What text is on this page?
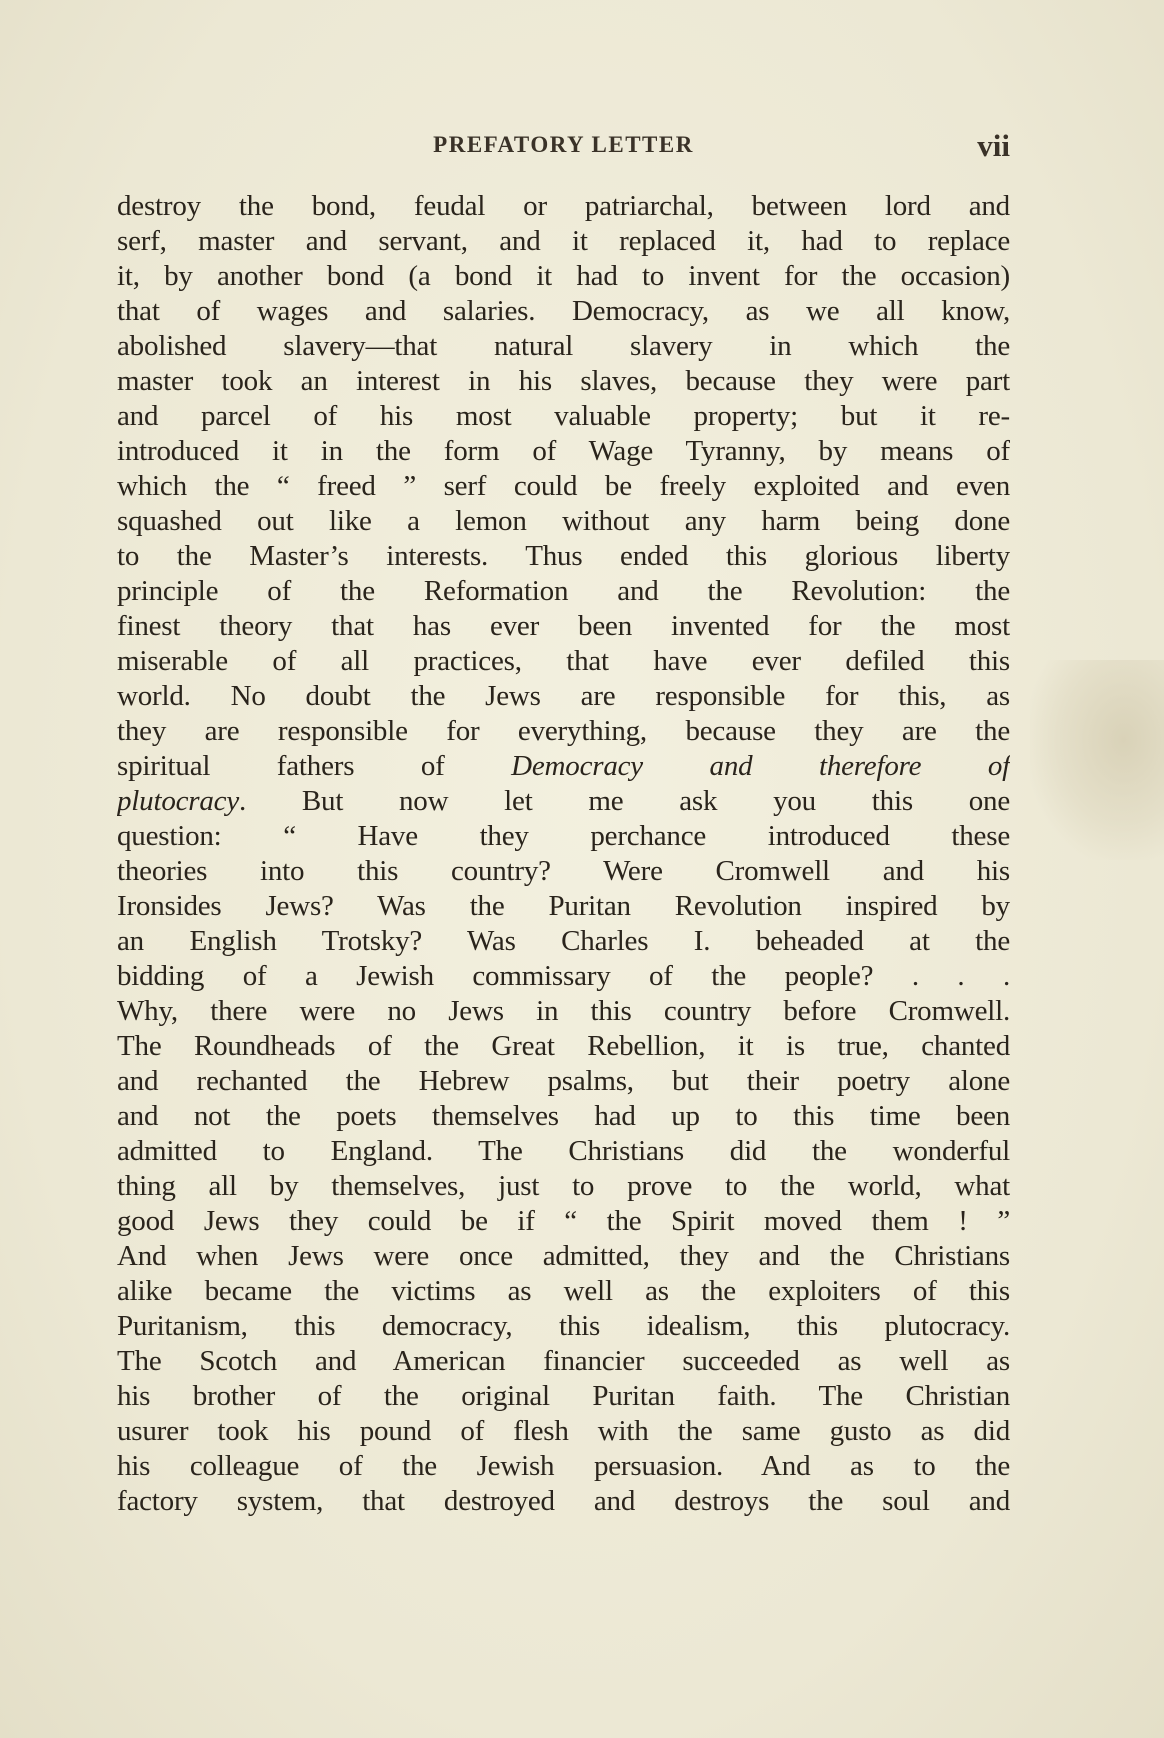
PREFATORY LETTER	vii
destroy the bond, feudal or patriarchal, between lord and
serf, master and servant, and it replaced it, had to replace
it, by another bond (a bond it had to invent for the occasion)
that of wages and salaries. Democracy, as we all know,
abolished slavery—that natural slavery in which the
master took an interest in his slaves, because they were part
and parcel of his most valuable property; but it re-
introduced it in the form of Wage Tyranny, by means of
which the “ freed ” serf could be freely exploited and even
squashed out like a lemon without any harm being done
to the Master’s interests. Thus ended this glorious liberty
principle of the Reformation and the Revolution: the
finest theory that has ever been invented for the most
miserable of all practices, that have ever defiled this
world. No doubt the Jews are responsible for this, as
they are responsible for everything, because they are the
spiritual fathers of Democracy and therefore of
plutocracy. But now let me ask you this one
question: “ Have they perchance introduced these
theories into this country? Were Cromwell and his
Ironsides Jews? Was the Puritan Revolution inspired by
an English Trotsky? Was Charles I. beheaded at the
bidding of a Jewish commissary of the people? . . .
Why, there were no Jews in this country before Cromwell.
The Roundheads of the Great Rebellion, it is true, chanted
and rechanted the Hebrew psalms, but their poetry alone
and not the poets themselves had up to this time been
admitted to England. The Christians did the wonderful
thing all by themselves, just to prove to the world, what
good Jews they could be if “ the Spirit moved them ! ”
And when Jews were once admitted, they and the Christians
alike became the victims as well as the exploiters of this
Puritanism, this democracy, this idealism, this plutocracy.
The Scotch and American financier succeeded as well as
his brother of the original Puritan faith. The Christian
usurer took his pound of flesh with the same gusto as did
his colleague of the Jewish persuasion. And as to the
factory system, that destroyed and destroys the soul and
